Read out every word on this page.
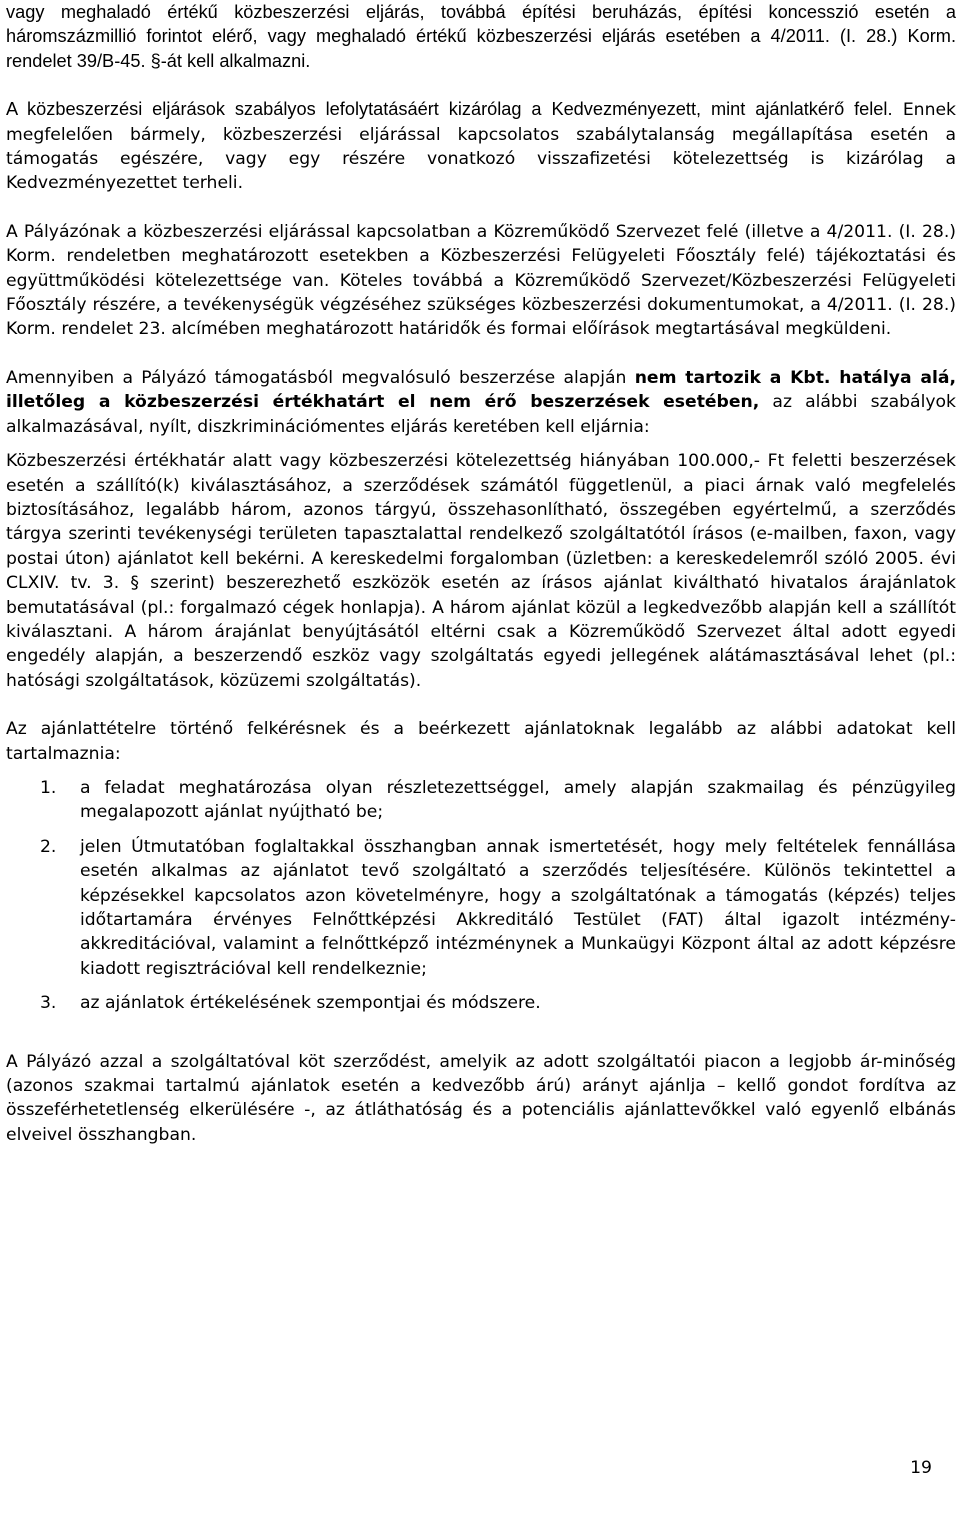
vagy meghaladó értékű közbeszerzési eljárás, továbbá építési beruházás, építési koncesszió esetén a háromszázmillió forintot elérő, vagy meghaladó értékű közbeszerzési eljárás esetében a 4/2011. (I. 28.) Korm. rendelet 39/B-45. §-át kell alkalmazni.

A közbeszerzési eljárások szabályos lefolytatásáért kizárólag a Kedvezményezett, mint ajánlatkérő felel. Ennek megfelelően bármely, közbeszerzési eljárással kapcsolatos szabálytalanság megállapítása esetén a támogatás egészére, vagy egy részére vonatkozó visszafizetési kötelezettség is kizárólag a Kedvezményezettet terheli.

A Pályázónak a közbeszerzési eljárással kapcsolatban a Közreműködő Szervezet felé (illetve a 4/2011. (I. 28.) Korm. rendeletben meghatározott esetekben a Közbeszerzési Felügyeleti Főosztály felé) tájékoztatási és együttműködési kötelezettsége van. Köteles továbbá a Közreműködő Szervezet/Közbeszerzési Felügyeleti Főosztály részére, a tevékenységük végzéséhez szükséges közbeszerzési dokumentumokat, a 4/2011. (I. 28.) Korm. rendelet 23. alcímében meghatározott határidők és formai előírások megtartásával megküldeni.

Amennyiben a Pályázó támogatásból megvalósuló beszerzése alapján nem tartozik a Kbt. hatálya alá, illetőleg a közbeszerzési értékhatárt el nem érő beszerzések esetében, az alábbi szabályok alkalmazásával, nyílt, diszkriminációmentes eljárás keretében kell eljárnia:

Közbeszerzési értékhatár alatt vagy közbeszerzési kötelezettség hiányában 100.000,- Ft feletti beszerzések esetén a szállító(k) kiválasztásához, a szerződések számától függetlenül, a piaci árnak való megfelelés biztosításához, legalább három, azonos tárgyú, összehasonlítható, összegében egyértelmű, a szerződés tárgya szerinti tevékenységi területen tapasztalattal rendelkező szolgáltatótól írásos (e-mailben, faxon, vagy postai úton) ajánlatot kell bekérni. A kereskedelmi forgalomban (üzletben: a kereskedelemről szóló 2005. évi CLXIV. tv. 3. § szerint) beszerezhető eszközök esetén az írásos ajánlat kiváltható hivatalos árajánlatok bemutatásával (pl.: forgalmazó cégek honlapja). A három ajánlat közül a legkedvezőbb alapján kell a szállítót kiválasztani. A három árajánlat benyújtásától eltérni csak a Közreműködő Szervezet által adott egyedi engedély alapján, a beszerzendő eszköz vagy szolgáltatás egyedi jellegének alátámasztásával lehet (pl.: hatósági szolgáltatások, közüzemi szolgáltatás).

Az ajánlattételre történő felkérésnek és a beérkezett ajánlatoknak legalább az alábbi adatokat kell tartalmaznia:

1. a feladat meghatározása olyan részletezettséggel, amely alapján szakmailag és pénzügyileg megalapozott ajánlat nyújtható be;
2. jelen Útmutatóban foglaltakkal összhangban annak ismertetését, hogy mely feltételek fennállása esetén alkalmas az ajánlatot tevő szolgáltató a szerződés teljesítésére. Különös tekintettel a képzésekkel kapcsolatos azon követelményre, hogy a szolgáltatónak a támogatás (képzés) teljes időtartamára érvényes Felnőttképzési Akkreditáló Testület (FAT) által igazolt intézmény-akkreditációval, valamint a felnőttképző intézménynek a Munkaügyi Központ által az adott képzésre kiadott regisztrációval kell rendelkeznie;
3. az ajánlatok értékelésének szempontjai és módszere.

A Pályázó azzal a szolgáltatóval köt szerződést, amelyik az adott szolgáltatói piacon a legjobb ár-minőség (azonos szakmai tartalmú ajánlatok esetén a kedvezőbb árú) arányt ajánlja – kellő gondot fordítva az összeférhetetlenség elkerülésére -, az átláthatóság és a potenciális ajánlattevőkkel való egyenlő elbánás elveivel összhangban.

19
